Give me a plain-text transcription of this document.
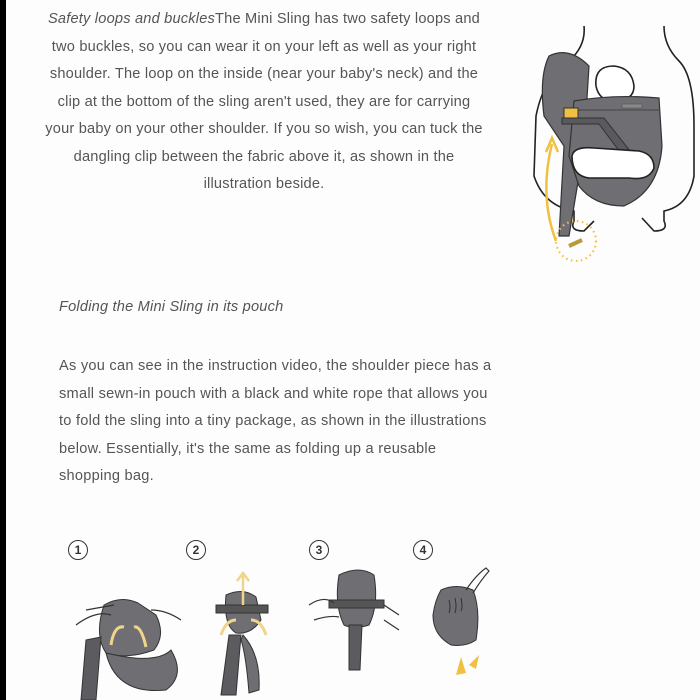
Safety loops and bucklesThe Mini Sling has two safety loops and two buckles, so you can wear it on your left as well as your right shoulder. The loop on the inside (near your baby's neck) and the clip at the bottom of the sling aren't used, they are for carrying your baby on your other shoulder. If you so wish, you can tuck the dangling clip between the fabric above it, as shown in the illustration beside.
Folding the Mini Sling in its pouch
As you can see in the instruction video, the shoulder piece has a small sewn-in pouch with a black and white rope that allows you to fold the sling into a tiny package, as shown in the illustrations below. Essentially, it's the same as folding up a reusable shopping bag.
1	2	3	4
